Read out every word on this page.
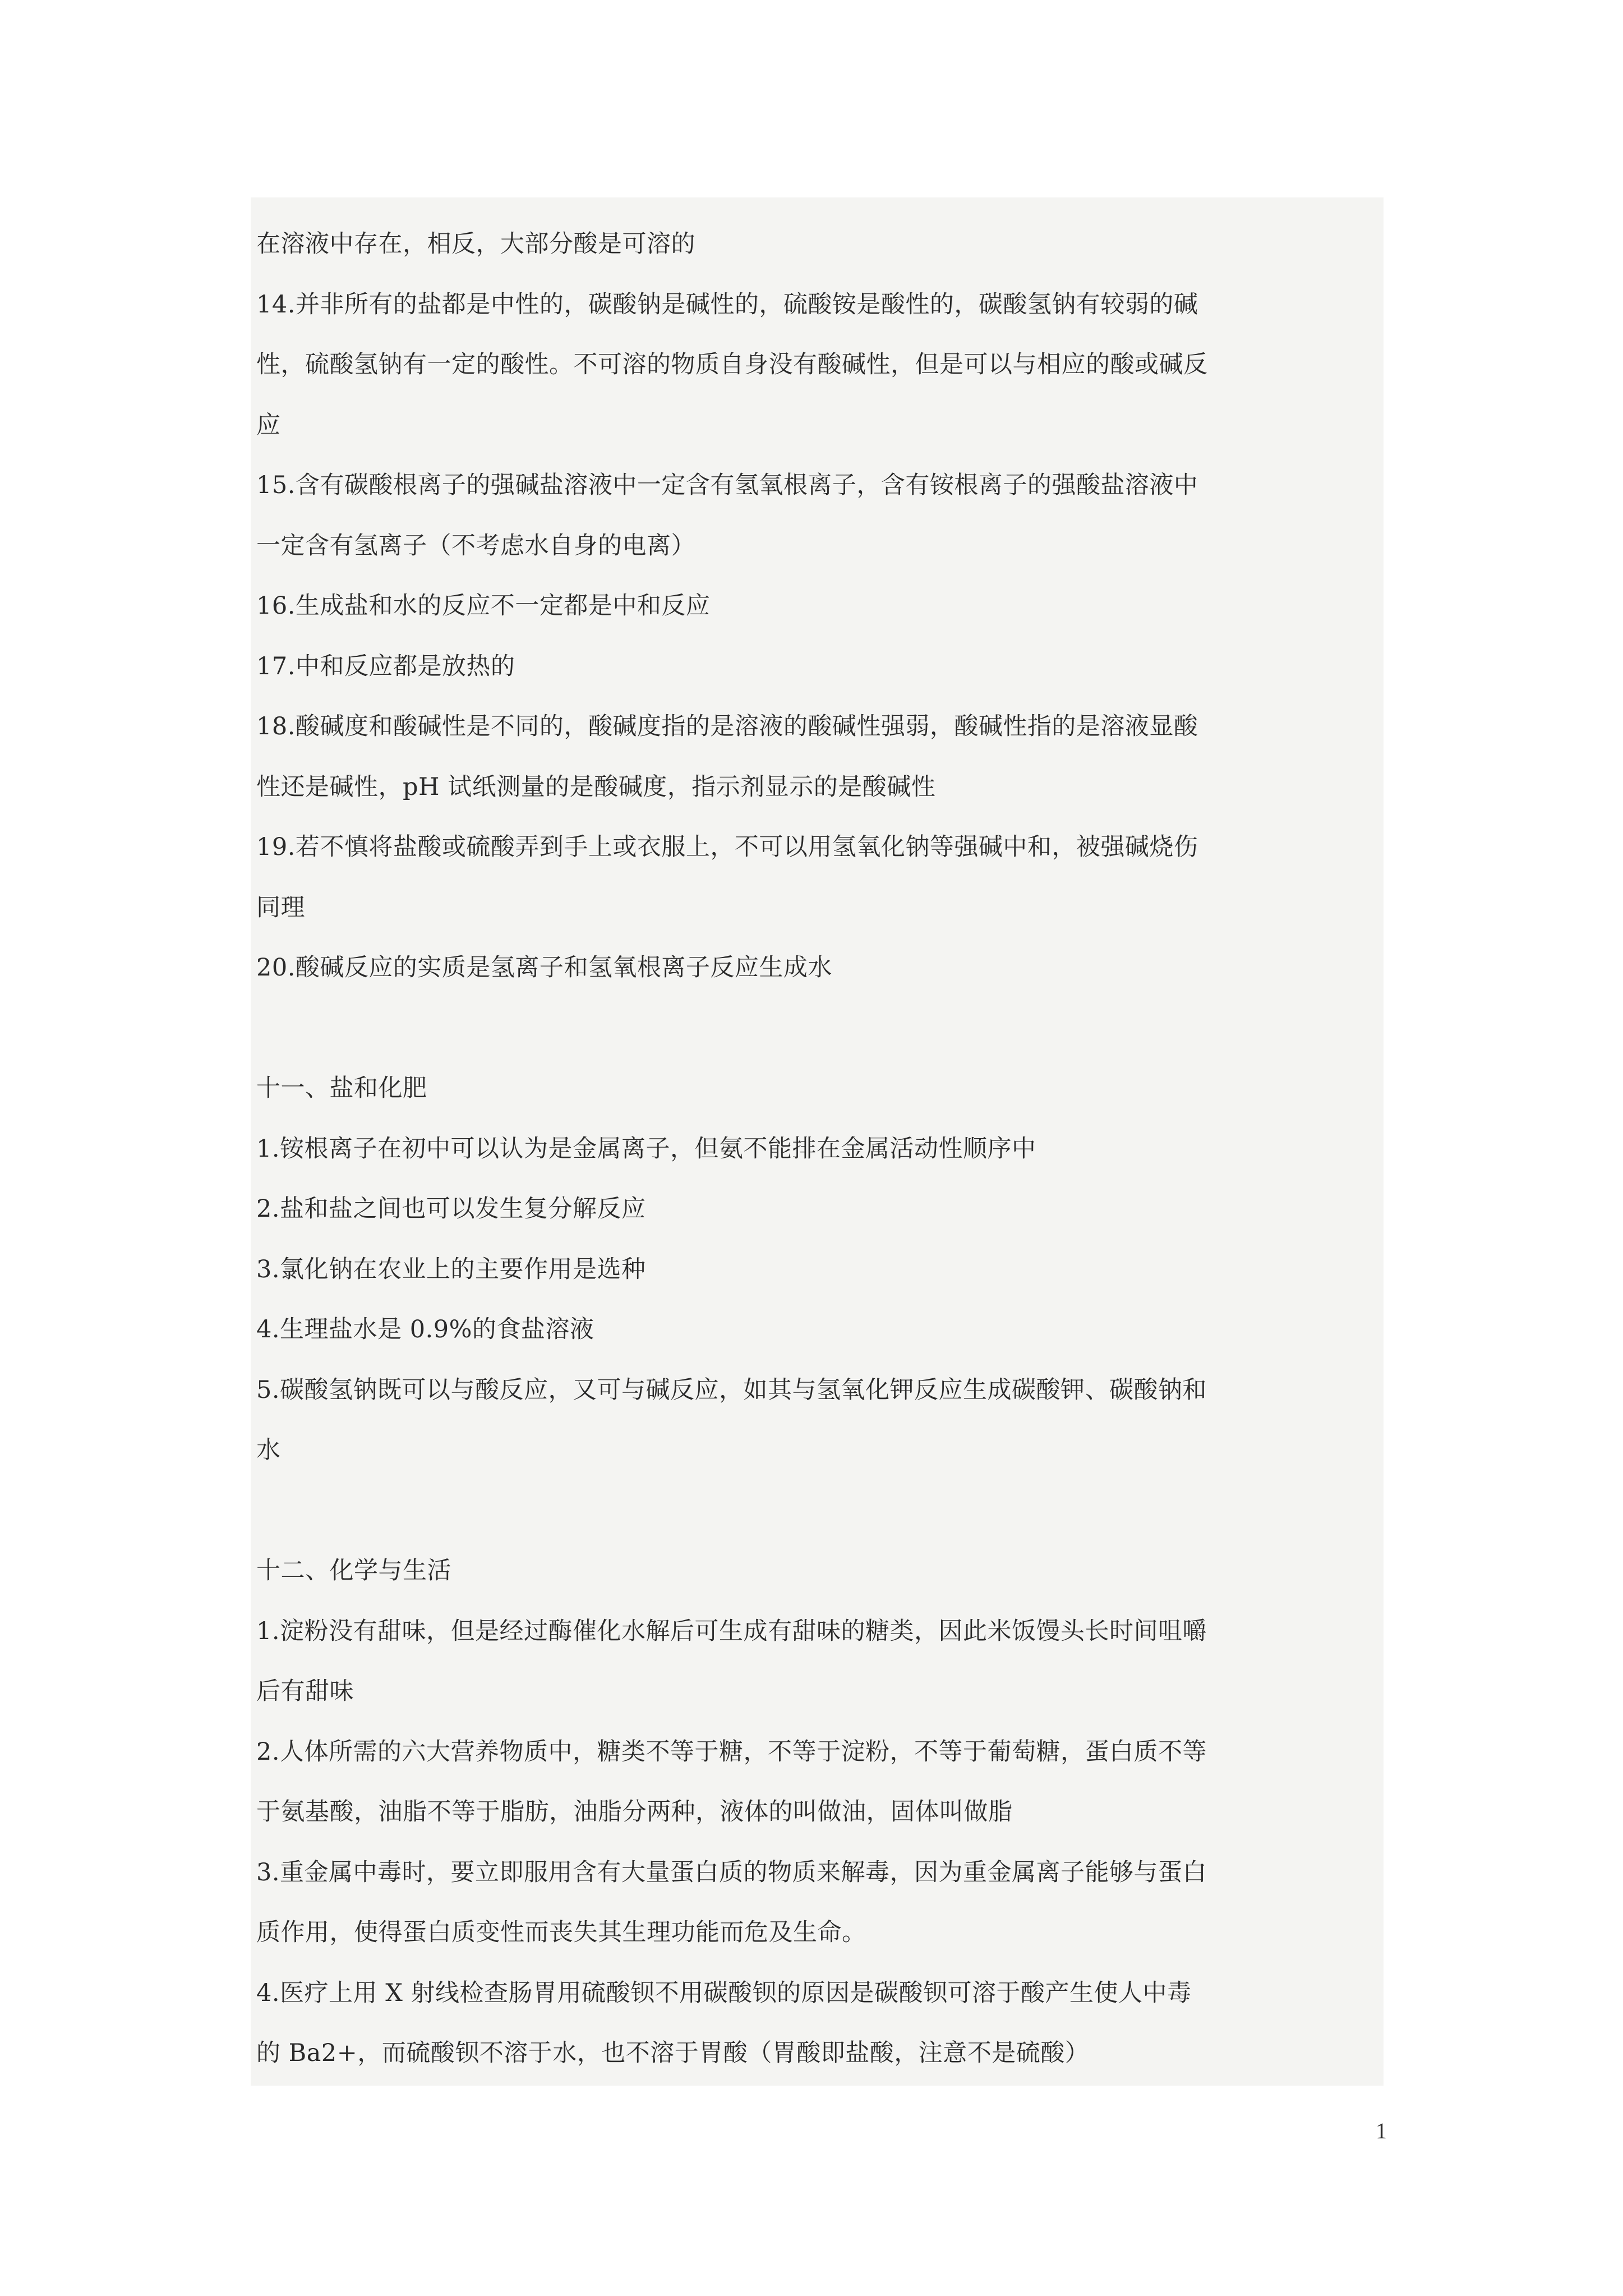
在溶液中存在，相反，大部分酸是可溶的
14.并非所有的盐都是中性的，碳酸钠是碱性的，硫酸铵是酸性的，碳酸氢钠有较弱的碱
性，硫酸氢钠有一定的酸性。不可溶的物质自身没有酸碱性，但是可以与相应的酸或碱反
应
15.含有碳酸根离子的强碱盐溶液中一定含有氢氧根离子，含有铵根离子的强酸盐溶液中
一定含有氢离子（不考虑水自身的电离）
16.生成盐和水的反应不一定都是中和反应
17.中和反应都是放热的
18.酸碱度和酸碱性是不同的，酸碱度指的是溶液的酸碱性强弱，酸碱性指的是溶液显酸
性还是碱性，pH 试纸测量的是酸碱度，指示剂显示的是酸碱性
19.若不慎将盐酸或硫酸弄到手上或衣服上，不可以用氢氧化钠等强碱中和，被强碱烧伤
同理
20.酸碱反应的实质是氢离子和氢氧根离子反应生成水
十一、盐和化肥
1.铵根离子在初中可以认为是金属离子，但氨不能排在金属活动性顺序中
2.盐和盐之间也可以发生复分解反应
3.氯化钠在农业上的主要作用是选种
4.生理盐水是 0.9%的食盐溶液
5.碳酸氢钠既可以与酸反应，又可与碱反应，如其与氢氧化钾反应生成碳酸钾、碳酸钠和
水
十二、化学与生活
1.淀粉没有甜味，但是经过酶催化水解后可生成有甜味的糖类，因此米饭馒头长时间咀嚼
后有甜味
2.人体所需的六大营养物质中，糖类不等于糖，不等于淀粉，不等于葡萄糖，蛋白质不等
于氨基酸，油脂不等于脂肪，油脂分两种，液体的叫做油，固体叫做脂
3.重金属中毒时，要立即服用含有大量蛋白质的物质来解毒，因为重金属离子能够与蛋白
质作用，使得蛋白质变性而丧失其生理功能而危及生命。
4.医疗上用 X 射线检查肠胃用硫酸钡不用碳酸钡的原因是碳酸钡可溶于酸产生使人中毒
的 Ba2+，而硫酸钡不溶于水，也不溶于胃酸（胃酸即盐酸，注意不是硫酸）
1
